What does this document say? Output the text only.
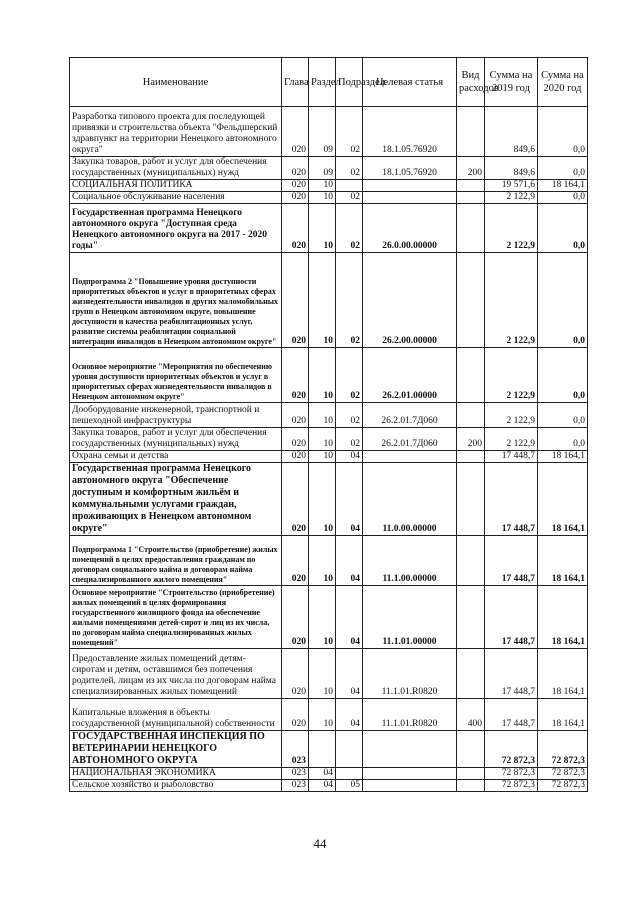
Наименование	Глава	Раздел	Подраздел	Целевая статья	Вид расходов	Сумма на 2019 год	Сумма на 2020 год
Разработка типового проекта для последующей привязки и строительства объекта "Фельдшерский здравпункт на территории Ненецкого автономного округа"	020	09	02	18.1.05.76920		849,6	0,0
Закупка товаров, работ и услуг для обеспечения государственных (муниципальных) нужд	020	09	02	18.1.05.76920	200	849,6	0,0
СОЦИАЛЬНАЯ ПОЛИТИКА	020	10				19 571,6	18 164,1
Социальное обслуживание населения	020	10	02			2 122,9	0,0
Государственная программа Ненецкого автономного округа "Доступная среда Ненецкого автономного округа на 2017 - 2020 годы"	020	10	02	26.0.00.00000		2 122,9	0,0
Подпрограмма 2 "Повышение уровня доступности приоритетных объектов и услуг в приоритетных сферах жизнедеятельности инвалидов и других маломобильных групп в Ненецком автономном округе, повышение доступности и качества реабилитационных услуг, развитие системы реабилитации социальной интеграции инвалидов в Ненецком автономном округе"	020	10	02	26.2.00.00000		2 122,9	0,0
Основное мероприятие "Мероприятия по обеспечению уровня доступности приоритетных объектов и услуг в приоритетных сферах жизнедеятельности инвалидов в Ненецком автономном округе"	020	10	02	26.2.01.00000		2 122,9	0,0
Дооборудование инженерной, транспортной и пешеходной инфраструктуры	020	10	02	26.2.01.7Д060		2 122,9	0,0
Закупка товаров, работ и услуг для обеспечения государственных (муниципальных) нужд	020	10	02	26.2.01.7Д060	200	2 122,9	0,0
Охрана семьи и детства	020	10	04			17 448,7	18 164,1
Государственная программа Ненецкого автономного округа "Обеспечение доступным и комфортным жильём и коммунальными услугами граждан, проживающих в Ненецком автономном округе"	020	10	04	11.0.00.00000		17 448,7	18 164,1
Подпрограмма 1 "Строительство (приобретение) жилых помещений в целях предоставления гражданам по договорам социального найма и договорам найма специализированного жилого помещения"	020	10	04	11.1.00.00000		17 448,7	18 164,1
Основное мероприятие "Строительство (приобретение) жилых помещений в целях формирования государственного жилищного фонда на обеспечение жилыми помещениями детей-сирот и лиц из их числа, по договорам найма специализированных жилых помещений"	020	10	04	11.1.01.00000		17 448,7	18 164,1
Предоставление жилых помещений детям-сиротам и детям, оставшимся без попечения родителей, лицам из их числа по договорам найма специализированных жилых помещений	020	10	04	11.1.01.R0820		17 448,7	18 164,1
Капитальные вложения в объекты государственной (муниципальной) собственности	020	10	04	11.1.01.R0820	400	17 448,7	18 164,1
ГОСУДАРСТВЕННАЯ ИНСПЕКЦИЯ ПО ВЕТЕРИНАРИИ НЕНЕЦКОГО АВТОНОМНОГО ОКРУГА	023					72 872,3	72 872,3
НАЦИОНАЛЬНАЯ ЭКОНОМИКА	023	04				72 872,3	72 872,3
Сельское хозяйство и рыболовство	023	04	05			72 872,3	72 872,3
44
